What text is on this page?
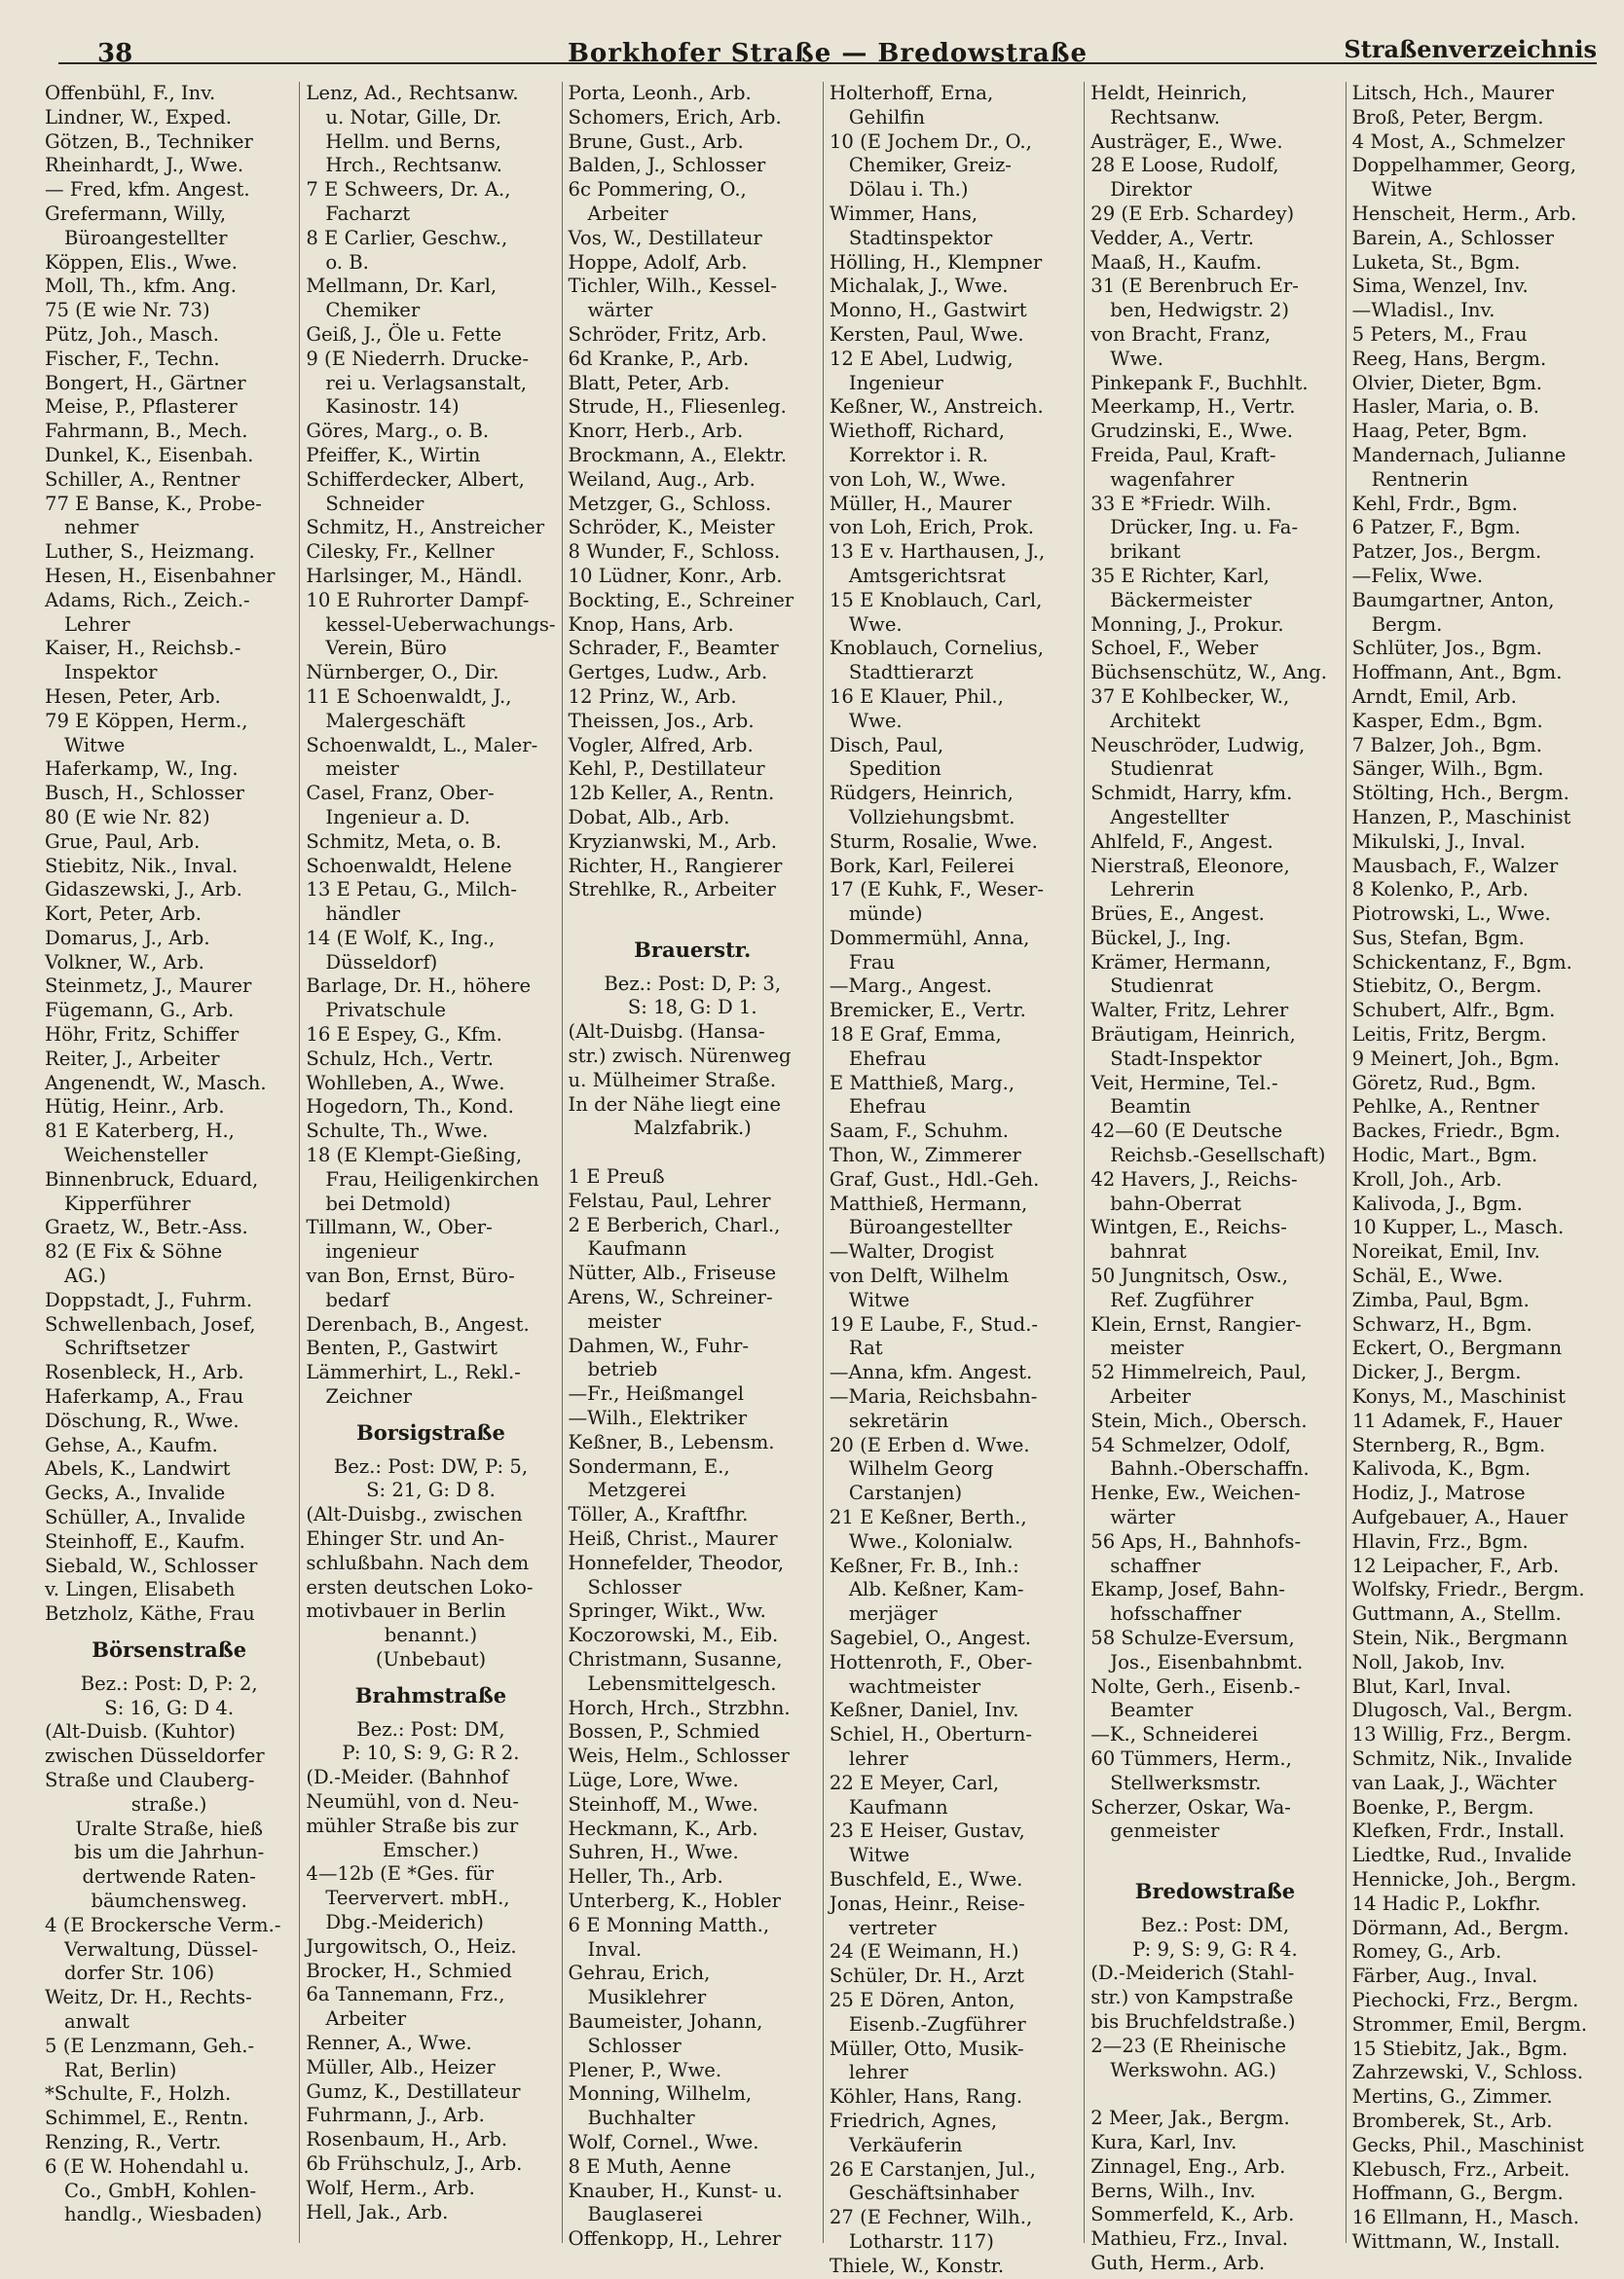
38	Borkhofer Straße — Bredowstraße	Straßenverzeichnis

Offenbühl, F., Inv.

Lindner, W., Exped.

Götzen, B., Techniker

Rheinhardt, J., Wwe.

— Fred, kfm. Angest.

Grefermann, Willy,

Büroangestellter

Köppen, Elis., Wwe.

Moll, Th., kfm. Ang.

75 (E wie Nr. 73)

Pütz, Joh., Masch.

Fischer, F., Techn.

Bongert, H., Gärtner

Meise, P., Pflasterer

Fahrmann, B., Mech.

Dunkel, K., Eisenbah.

Schiller, A., Rentner

77 E Banse, K., Probe-

nehmer

Luther, S., Heizmang.

Hesen, H., Eisenbahner

Adams, Rich., Zeich.-

Lehrer

Kaiser, H., Reichsb.-

Inspektor

Hesen, Peter, Arb.

79 E Köppen, Herm.,

Witwe

Haferkamp, W., Ing.

Busch, H., Schlosser

80 (E wie Nr. 82)

Grue, Paul, Arb.

Stiebitz, Nik., Inval.

Gidaszewski, J., Arb.

Kort, Peter, Arb.

Domarus, J., Arb.

Volkner, W., Arb.

Steinmetz, J., Maurer

Fügemann, G., Arb.

Höhr, Fritz, Schiffer

Reiter, J., Arbeiter

Angenendt, W., Masch.

Hütig, Heinr., Arb.

81 E Katerberg, H.,

Weichensteller

Binnenbruck, Eduard,

Kipperführer

Graetz, W., Betr.-Ass.

82 (E Fix & Söhne

AG.)

Doppstadt, J., Fuhrm.

Schwellenbach, Josef,

Schriftsetzer

Rosenbleck, H., Arb.

Haferkamp, A., Frau

Döschung, R., Wwe.

Gehse, A., Kaufm.

Abels, K., Landwirt

Gecks, A., Invalide

Schüller, A., Invalide

Steinhoff, E., Kaufm.

Siebald, W., Schlosser

v. Lingen, Elisabeth

Betzholz, Käthe, Frau

Börsenstraße

Bez.: Post: D, P: 2,

S: 16, G: D 4.

(Alt-Duisb. (Kuhtor)

zwischen Düsseldorfer

Straße und Clauberg-

straße.)

Uralte Straße, hieß

bis um die Jahrhun-

dertwende Raten-

bäumchensweg.

4 (E Brockersche Verm.-

Verwaltung, Düssel-

dorfer Str. 106)

Weitz, Dr. H., Rechts-

anwalt

5 (E Lenzmann, Geh.-

Rat, Berlin)

*Schulte, F., Holzh.

Schimmel, E., Rentn.

Renzing, R., Vertr.

6 (E W. Hohendahl u.

Co., GmbH, Kohlen-

handlg., Wiesbaden)

Lenz, Ad., Rechtsanw.

u. Notar, Gille, Dr.

Hellm. und Berns,

Hrch., Rechtsanw.

7 E Schweers, Dr. A.,

Facharzt

8 E Carlier, Geschw.,

o. B.

Mellmann, Dr. Karl,

Chemiker

Geiß, J., Öle u. Fette

9 (E Niederrh. Drucke-

rei u. Verlagsanstalt,

Kasinostr. 14)

Göres, Marg., o. B.

Pfeiffer, K., Wirtin

Schifferdecker, Albert,

Schneider

Schmitz, H., Anstreicher

Cilesky, Fr., Kellner

Harlsinger, M., Händl.

10 E Ruhrorter Dampf-

kessel-Ueberwachungs-

Verein, Büro

Nürnberger, O., Dir.

11 E Schoenwaldt, J.,

Malergeschäft

Schoenwaldt, L., Maler-

meister

Casel, Franz, Ober-

Ingenieur a. D.

Schmitz, Meta, o. B.

Schoenwaldt, Helene

13 E Petau, G., Milch-

händler

14 (E Wolf, K., Ing.,

Düsseldorf)

Barlage, Dr. H., höhere

Privatschule

16 E Espey, G., Kfm.

Schulz, Hch., Vertr.

Wohlleben, A., Wwe.

Hogedorn, Th., Kond.

Schulte, Th., Wwe.

18 (E Klempt-Gießing,

Frau, Heiligenkirchen

bei Detmold)

Tillmann, W., Ober-

ingenieur

van Bon, Ernst, Büro-

bedarf

Derenbach, B., Angest.

Benten, P., Gastwirt

Lämmerhirt, L., Rekl.-

Zeichner

Borsigstraße

Bez.: Post: DW, P: 5,

S: 21, G: D 8.

(Alt-Duisbg., zwischen

Ehinger Str. und An-

schlußbahn. Nach dem

ersten deutschen Loko-

motivbauer in Berlin

benannt.)

(Unbebaut)

Brahmstraße

Bez.: Post: DM,

P: 10, S: 9, G: R 2.

(D.-Meider. (Bahnhof

Neumühl, von d. Neu-

mühler Straße bis zur

Emscher.)

4—12b (E *Ges. für

Teerververt. mbH.,

Dbg.-Meiderich)

Jurgowitsch, O., Heiz.

Brocker, H., Schmied

6a Tannemann, Frz.,

Arbeiter

Renner, A., Wwe.

Müller, Alb., Heizer

Gumz, K., Destillateur

Fuhrmann, J., Arb.

Rosenbaum, H., Arb.

6b Frühschulz, J., Arb.

Wolf, Herm., Arb.

Hell, Jak., Arb.

Porta, Leonh., Arb.

Schomers, Erich, Arb.

Brune, Gust., Arb.

Balden, J., Schlosser

6c Pommering, O.,

Arbeiter

Vos, W., Destillateur

Hoppe, Adolf, Arb.

Tichler, Wilh., Kessel-

wärter

Schröder, Fritz, Arb.

6d Kranke, P., Arb.

Blatt, Peter, Arb.

Strude, H., Fliesenleg.

Knorr, Herb., Arb.

Brockmann, A., Elektr.

Weiland, Aug., Arb.

Metzger, G., Schloss.

Schröder, K., Meister

8 Wunder, F., Schloss.

10 Lüdner, Konr., Arb.

Bockting, E., Schreiner

Knop, Hans, Arb.

Schrader, F., Beamter

Gertges, Ludw., Arb.

12 Prinz, W., Arb.

Theissen, Jos., Arb.

Vogler, Alfred, Arb.

Kehl, P., Destillateur

12b Keller, A., Rentn.

Dobat, Alb., Arb.

Kryzianwski, M., Arb.

Richter, H., Rangierer

Strehlke, R., Arbeiter

Brauerstr.

Bez.: Post: D, P: 3,

S: 18, G: D 1.

(Alt-Duisbg. (Hansa-

str.) zwisch. Nürenweg

u. Mülheimer Straße.

In der Nähe liegt eine

Malzfabrik.)

1 E Preuß

Felstau, Paul, Lehrer

2 E Berberich, Charl.,

Kaufmann

Nütter, Alb., Friseuse

Arens, W., Schreiner-

meister

Dahmen, W., Fuhr-

betrieb

—Fr., Heißmangel

—Wilh., Elektriker

Keßner, B., Lebensm.

Sondermann, E.,

Metzgerei

Töller, A., Kraftfhr.

Heiß, Christ., Maurer

Honnefelder, Theodor,

Schlosser

Springer, Wikt., Ww.

Koczorowski, M., Eib.

Christmann, Susanne,

Lebensmittelgesch.

Horch, Hrch., Strzbhn.

Bossen, P., Schmied

Weis, Helm., Schlosser

Lüge, Lore, Wwe.

Steinhoff, M., Wwe.

Heckmann, K., Arb.

Suhren, H., Wwe.

Heller, Th., Arb.

Unterberg, K., Hobler

6 E Monning Matth.,

Inval.

Gehrau, Erich,

Musiklehrer

Baumeister, Johann,

Schlosser

Plener, P., Wwe.

Monning, Wilhelm,

Buchhalter

Wolf, Cornel., Wwe.

8 E Muth, Aenne

Knauber, H., Kunst- u.

Bauglaserei

Offenkopp, H., Lehrer

Holterhoff, Erna,

Gehilfin

10 (E Jochem Dr., O.,

Chemiker, Greiz-

Dölau i. Th.)

Wimmer, Hans,

Stadtinspektor

Hölling, H., Klempner

Michalak, J., Wwe.

Monno, H., Gastwirt

Kersten, Paul, Wwe.

12 E Abel, Ludwig,

Ingenieur

Keßner, W., Anstreich.

Wiethoff, Richard,

Korrektor i. R.

von Loh, W., Wwe.

Müller, H., Maurer

von Loh, Erich, Prok.

13 E v. Harthausen, J.,

Amtsgerichtsrat

15 E Knoblauch, Carl,

Wwe.

Knoblauch, Cornelius,

Stadttierarzt

16 E Klauer, Phil.,

Wwe.

Disch, Paul,

Spedition

Rüdgers, Heinrich,

Vollziehungsbmt.

Sturm, Rosalie, Wwe.

Bork, Karl, Feilerei

17 (E Kuhk, F., Weser-

münde)

Dommermühl, Anna,

Frau

—Marg., Angest.

Bremicker, E., Vertr.

18 E Graf, Emma,

Ehefrau

E Matthieß, Marg.,

Ehefrau

Saam, F., Schuhm.

Thon, W., Zimmerer

Graf, Gust., Hdl.-Geh.

Matthieß, Hermann,

Büroangestellter

—Walter, Drogist

von Delft, Wilhelm

Witwe

19 E Laube, F., Stud.-

Rat

—Anna, kfm. Angest.

—Maria, Reichsbahn-

sekretärin

20 (E Erben d. Wwe.

Wilhelm Georg

Carstanjen)

21 E Keßner, Berth.,

Wwe., Kolonialw.

Keßner, Fr. B., Inh.:

Alb. Keßner, Kam-

merjäger

Sagebiel, O., Angest.

Hottenroth, F., Ober-

wachtmeister

Keßner, Daniel, Inv.

Schiel, H., Oberturn-

lehrer

22 E Meyer, Carl,

Kaufmann

23 E Heiser, Gustav,

Witwe

Buschfeld, E., Wwe.

Jonas, Heinr., Reise-

vertreter

24 (E Weimann, H.)

Schüler, Dr. H., Arzt

25 E Dören, Anton,

Eisenb.-Zugführer

Müller, Otto, Musik-

lehrer

Köhler, Hans, Rang.

Friedrich, Agnes,

Verkäuferin

26 E Carstanjen, Jul.,

Geschäftsinhaber

27 (E Fechner, Wilh.,

Lotharstr. 117)

Thiele, W., Konstr.

Heldt, Heinrich,

Rechtsanw.

Austräger, E., Wwe.

28 E Loose, Rudolf,

Direktor

29 (E Erb. Schardey)

Vedder, A., Vertr.

Maaß, H., Kaufm.

31 (E Berenbruch Er-

ben, Hedwigstr. 2)

von Bracht, Franz,

Wwe.

Pinkepank F., Buchhlt.

Meerkamp, H., Vertr.

Grudzinski, E., Wwe.

Freida, Paul, Kraft-

wagenfahrer

33 E *Friedr. Wilh.

Drücker, Ing. u. Fa-

brikant

35 E Richter, Karl,

Bäckermeister

Monning, J., Prokur.

Schoel, F., Weber

Büchsenschütz, W., Ang.

37 E Kohlbecker, W.,

Architekt

Neuschröder, Ludwig,

Studienrat

Schmidt, Harry, kfm.

Angestellter

Ahlfeld, F., Angest.

Nierstraß, Eleonore,

Lehrerin

Brües, E., Angest.

Bückel, J., Ing.

Krämer, Hermann,

Studienrat

Walter, Fritz, Lehrer

Bräutigam, Heinrich,

Stadt-Inspektor

Veit, Hermine, Tel.-

Beamtin

42—60 (E Deutsche

Reichsb.-Gesellschaft)

42 Havers, J., Reichs-

bahn-Oberrat

Wintgen, E., Reichs-

bahnrat

50 Jungnitsch, Osw.,

Ref. Zugführer

Klein, Ernst, Rangier-

meister

52 Himmelreich, Paul,

Arbeiter

Stein, Mich., Obersch.

54 Schmelzer, Odolf,

Bahnh.-Oberschaffn.

Henke, Ew., Weichen-

wärter

56 Aps, H., Bahnhofs-

schaffner

Ekamp, Josef, Bahn-

hofsschaffner

58 Schulze-Eversum,

Jos., Eisenbahnbmt.

Nolte, Gerh., Eisenb.-

Beamter

—K., Schneiderei

60 Tümmers, Herm.,

Stellwerksmstr.

Scherzer, Oskar, Wa-

genmeister

Bredowstraße

Bez.: Post: DM,

P: 9, S: 9, G: R 4.

(D.-Meiderich (Stahl-

str.) von Kampstraße

bis Bruchfeldstraße.)

2—23 (E Rheinische

Werkswohn. AG.)

2 Meer, Jak., Bergm.

Kura, Karl, Inv.

Zinnagel, Eng., Arb.

Berns, Wilh., Inv.

Sommerfeld, K., Arb.

Mathieu, Frz., Inval.

Guth, Herm., Arb.

Litsch, Hch., Maurer

Broß, Peter, Bergm.

4 Most, A., Schmelzer

Doppelhammer, Georg,

Witwe

Henscheit, Herm., Arb.

Barein, A., Schlosser

Luketa, St., Bgm.

Sima, Wenzel, Inv.

—Wladisl., Inv.

5 Peters, M., Frau

Reeg, Hans, Bergm.

Olvier, Dieter, Bgm.

Hasler, Maria, o. B.

Haag, Peter, Bgm.

Mandernach, Julianne

Rentnerin

Kehl, Frdr., Bgm.

6 Patzer, F., Bgm.

Patzer, Jos., Bergm.

—Felix, Wwe.

Baumgartner, Anton,

Bergm.

Schlüter, Jos., Bgm.

Hoffmann, Ant., Bgm.

Arndt, Emil, Arb.

Kasper, Edm., Bgm.

7 Balzer, Joh., Bgm.

Sänger, Wilh., Bgm.

Stölting, Hch., Bergm.

Hanzen, P., Maschinist

Mikulski, J., Inval.

Mausbach, F., Walzer

8 Kolenko, P., Arb.

Piotrowski, L., Wwe.

Sus, Stefan, Bgm.

Schickentanz, F., Bgm.

Stiebitz, O., Bergm.

Schubert, Alfr., Bgm.

Leitis, Fritz, Bergm.

9 Meinert, Joh., Bgm.

Göretz, Rud., Bgm.

Pehlke, A., Rentner

Backes, Friedr., Bgm.

Hodic, Mart., Bgm.

Kroll, Joh., Arb.

Kalivoda, J., Bgm.

10 Kupper, L., Masch.

Noreikat, Emil, Inv.

Schäl, E., Wwe.

Zimba, Paul, Bgm.

Schwarz, H., Bgm.

Eckert, O., Bergmann

Dicker, J., Bergm.

Konys, M., Maschinist

11 Adamek, F., Hauer

Sternberg, R., Bgm.

Kalivoda, K., Bgm.

Hodiz, J., Matrose

Aufgebauer, A., Hauer

Hlavin, Frz., Bgm.

12 Leipacher, F., Arb.

Wolfsky, Friedr., Bergm.

Guttmann, A., Stellm.

Stein, Nik., Bergmann

Noll, Jakob, Inv.

Blut, Karl, Inval.

Dlugosch, Val., Bergm.

13 Willig, Frz., Bergm.

Schmitz, Nik., Invalide

van Laak, J., Wächter

Boenke, P., Bergm.

Klefken, Frdr., Install.

Liedtke, Rud., Invalide

Hennicke, Joh., Bergm.

14 Hadic P., Lokfhr.

Dörmann, Ad., Bergm.

Romey, G., Arb.

Färber, Aug., Inval.

Piechocki, Frz., Bergm.

Strommer, Emil, Bergm.

15 Stiebitz, Jak., Bgm.

Zahrzewski, V., Schloss.

Mertins, G., Zimmer.

Bromberek, St., Arb.

Gecks, Phil., Maschinist

Klebusch, Frz., Arbeit.

Hoffmann, G., Bergm.

16 Ellmann, H., Masch.

Wittmann, W., Install.
